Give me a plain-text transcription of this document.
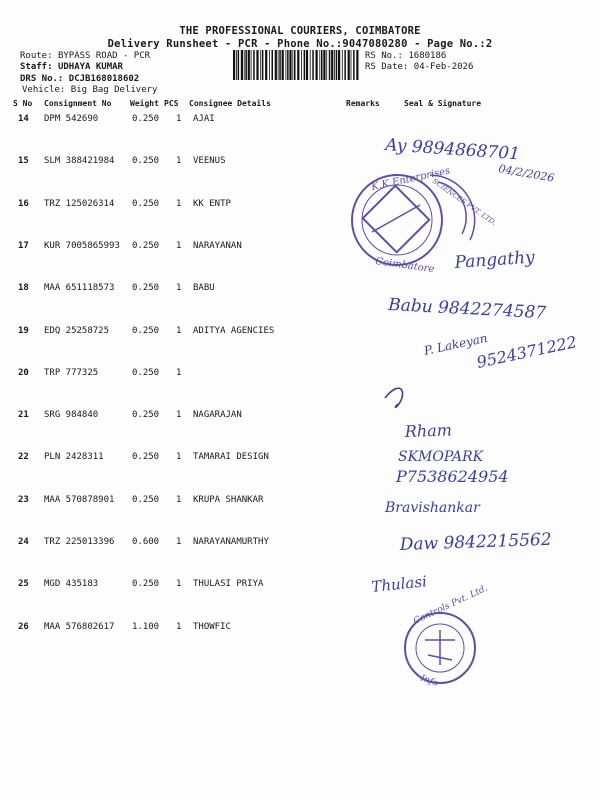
THE PROFESSIONAL COURIERS, COIMBATORE
Delivery Runsheet - PCR - Phone No.:9047080280 - Page No.:2
Route: BYPASS ROAD - PCR
Staff: UDHAYA KUMAR
DRS No.: DCJB168018602
Vehicle: Big Bag Delivery
RS No.: 1680186
RS Date: 04-Feb-2026
S No Consignment No Weight PCS Consignee Details	Remarks	Seal & Signature
14 DPM 542690	0.250 1 AJAI
15 SLM 388421984 0.250 1 VEENUS
16 TRZ 125026314 0.250 1 KK ENTP
17 KUR 7005865993 0.250 1 NARAYANAN
18 MAA 651118573 0.250 1 BABU
19 EDQ 25258725	0.250 1 ADITYA AGENCIES
20 TRP 777325	0.250 1
21 SRG 984840	0.250 1 NAGARAJAN
22 PLN 2428311	0.250 1 TAMARAI DESIGN
23 MAA 570878901 0.250 1 KRUPA SHANKAR
24 TRZ 225013396 0.600 1 NARAYANAMURTHY
25 MGD 435183	0.250 1 THULASI PRIYA
26 MAA 576802617 1.100 1 THOWFIC
K.K Enterprises
Coimbatore
SCIENCES PVT. LTD.
Controls Pvt. Ltd.
Info
Ay 9894868701
04/2/2026
Pangathy
Babu 9842274587
P. Lakeyan
9524371222
Rham
SKMOPARK
P7538624954
Bravishankar
Daw 9842215562
Thulasi
